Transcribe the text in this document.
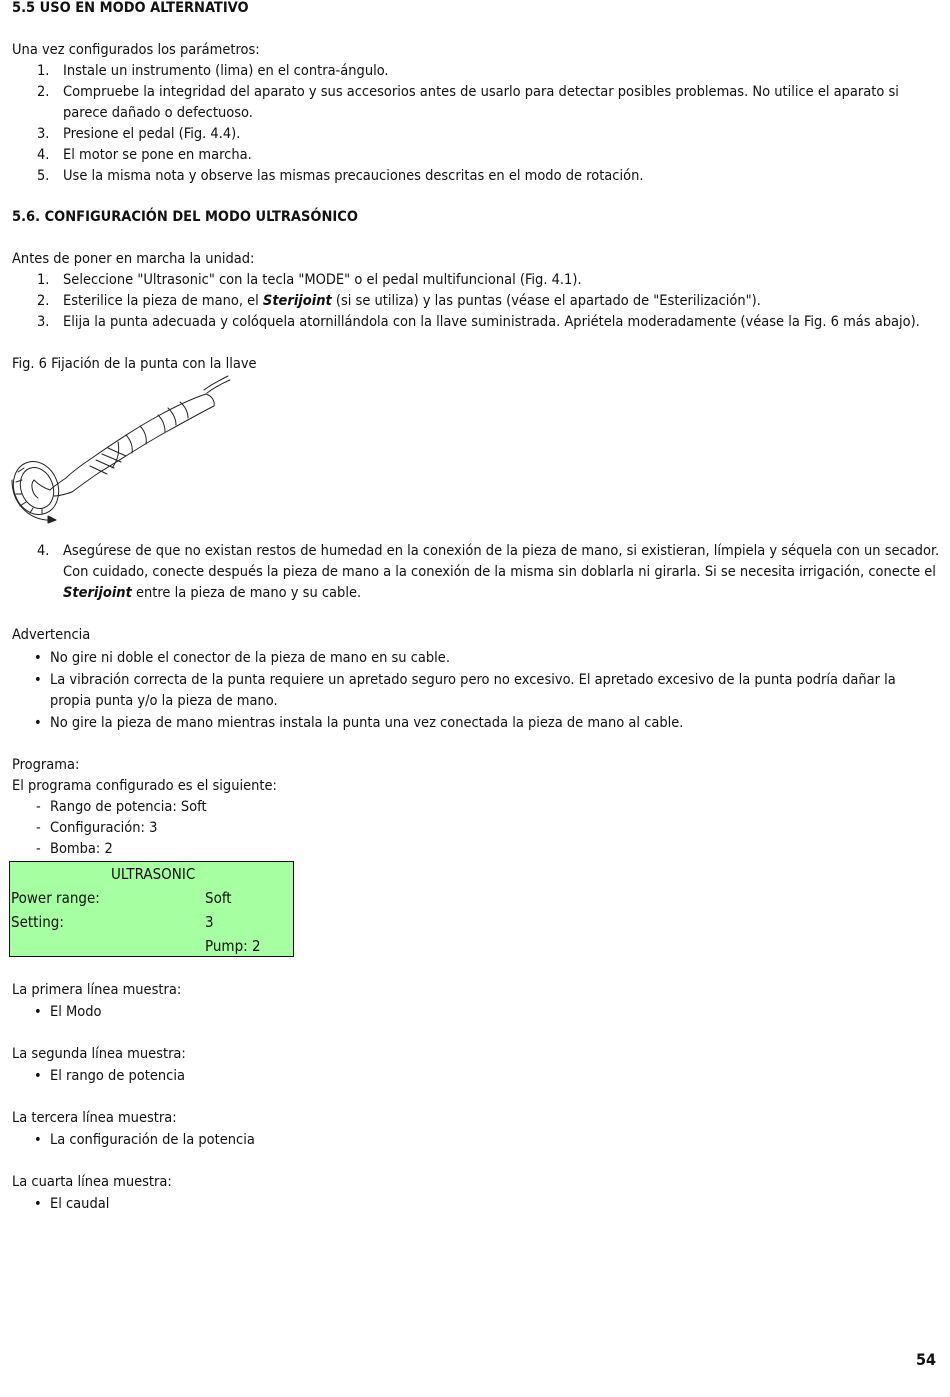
5.5 USO EN MODO ALTERNATIVO
Una vez configurados los parámetros:
1. Instale un instrumento (lima) en el contra-ángulo.
2. Compruebe la integridad del aparato y sus accesorios antes de usarlo para detectar posibles problemas. No utilice el aparato si parece dañado o defectuoso.
3. Presione el pedal (Fig. 4.4).
4. El motor se pone en marcha.
5. Use la misma nota y observe las mismas precauciones descritas en el modo de rotación.
5.6. CONFIGURACIÓN DEL MODO ULTRASÓNICO
Antes de poner en marcha la unidad:
1. Seleccione "Ultrasonic" con la tecla "MODE" o el pedal multifuncional (Fig. 4.1).
2. Esterilice la pieza de mano, el Sterijoint (si se utiliza) y las puntas (véase el apartado de "Esterilización").
3. Elija la punta adecuada y colóquela atornillándola con la llave suministrada. Apriétela moderadamente (véase la Fig. 6 más abajo).
Fig. 6 Fijación de la punta con la llave
4. Asegúrese de que no existan restos de humedad en la conexión de la pieza de mano, si existieran, límpiela y séquela con un secador.
Con cuidado, conecte después la pieza de mano a la conexión de la misma sin doblarla ni girarla. Si se necesita irrigación, conecte el
Sterijoint entre la pieza de mano y su cable.
Advertencia
• No gire ni doble el conector de la pieza de mano en su cable.
• La vibración correcta de la punta requiere un apretado seguro pero no excesivo. El apretado excesivo de la punta podría dañar la
propia punta y/o la pieza de mano.
• No gire la pieza de mano mientras instala la punta una vez conectada la pieza de mano al cable.
Programa:
El programa configurado es el siguiente:
- Rango de potencia: Soft
- Configuración: 3
- Bomba: 2
ULTRASONIC
Power range:	Soft
Setting:	3
Pump: 2
La primera línea muestra:
• El Modo
La segunda línea muestra:
• El rango de potencia
La tercera línea muestra:
• La configuración de la potencia
La cuarta línea muestra:
• El caudal
54
